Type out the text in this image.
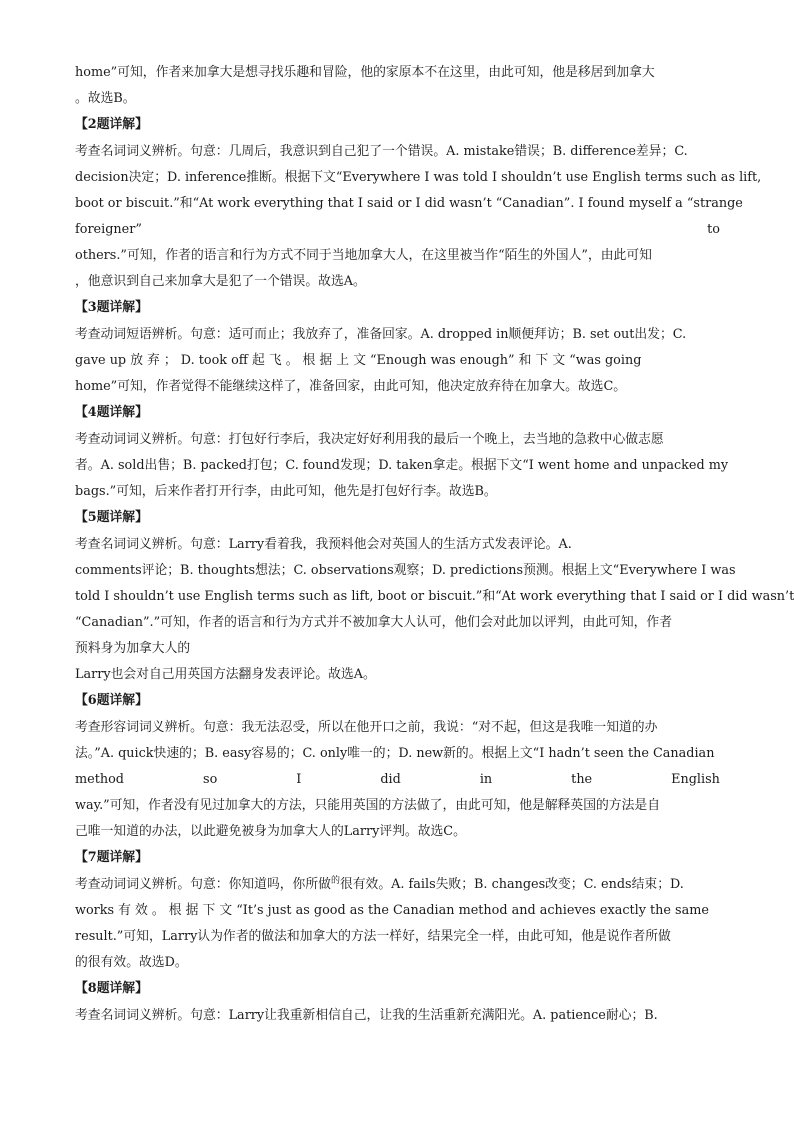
home”可知，作者来加拿大是想寻找乐趣和冒险，他的家原本不在这里，由此可知，他是移居到加拿大
。故选B。
【2题详解】
考查名词词义辨析。句意：几周后，我意识到自己犯了一个错误。A. mistake错误；B. difference差异；C.
decision决定；D. inference推断。根据下文“Everywhere I was told I shouldn’t use English terms such as lift,
boot or biscuit.”和“At work everything that I said or I did wasn’t “Canadian”. I found myself a “strange
foreigner”	to
others.”可知，作者的语言和行为方式不同于当地加拿大人，在这里被当作“陌生的外国人”，由此可知
，他意识到自己来加拿大是犯了一个错误。故选A。
【3题详解】
考查动词短语辨析。句意：适可而止；我放弃了，准备回家。A. dropped in顺便拜访；B. set out出发；C.
gave up 放 弃 ； D. took off 起 飞 。 根 据 上 文 “Enough was enough” 和 下 文 “was going
home”可知，作者觉得不能继续这样了，准备回家，由此可知，他决定放弃待在加拿大。故选C。
【4题详解】
考查动词词义辨析。句意：打包好行李后，我决定好好利用我的最后一个晚上，去当地的急救中心做志愿
者。A. sold出售；B. packed打包；C. found发现；D. taken拿走。根据下文“I went home and unpacked my
bags.”可知，后来作者打开行李，由此可知，他先是打包好行李。故选B。
【5题详解】
考查名词词义辨析。句意：Larry看着我，我预料他会对英国人的生活方式发表评论。A.
comments评论；B. thoughts想法；C. observations观察；D. predictions预测。根据上文“Everywhere I was
told I shouldn’t use English terms such as lift, boot or biscuit.”和“At work everything that I said or I did wasn’t
“Canadian”.”可知，作者的语言和行为方式并不被加拿大人认可，他们会对此加以评判，由此可知，作者
预料身为加拿大人的
Larry也会对自己用英国方法翻身发表评论。故选A。
【6题详解】
考查形容词词义辨析。句意：我无法忍受，所以在他开口之前，我说：“对不起，但这是我唯一知道的办
法。”A. quick快速的；B. easy容易的；C. only唯一的；D. new新的。根据上文“I hadn’t seen the Canadian
method	so	I	did	in	the	English
way.”可知，作者没有见过加拿大的方法，只能用英国的方法做了，由此可知，他是解释英国的方法是自
己唯一知道的办法，以此避免被身为加拿大人的Larry评判。故选C。
【7题详解】
考查动词词义辨析。句意：你知道吗，你所做$^的$很有效。A. fails失败；B. changes改变；C. ends结束；D.
works 有 效 。 根 据 下 文 “It’s just as good as the Canadian method and achieves exactly the same
result.”可知，Larry认为作者的做法和加拿大的方法一样好，结果完全一样，由此可知，他是说作者所做
的很有效。故选D。
【8题详解】
考查名词词义辨析。句意：Larry让我重新相信自己，让我的生活重新充满阳光。A. patience耐心；B.
